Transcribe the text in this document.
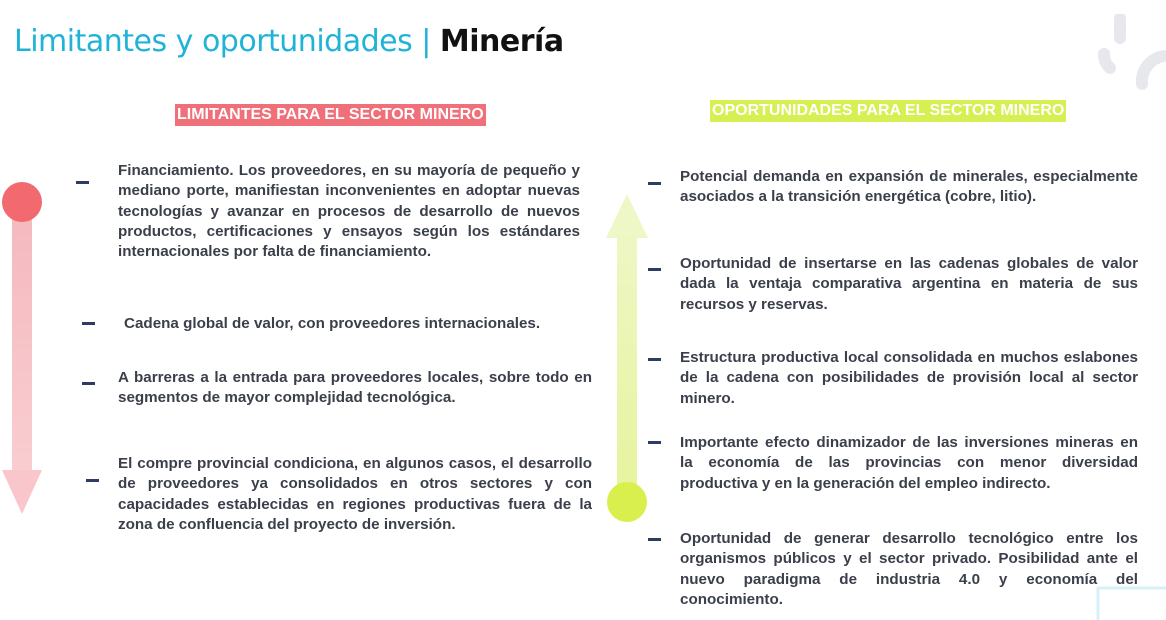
Limitantes y oportunidades | Minería
LIMITANTES PARA EL SECTOR MINERO	OPORTUNIDADES PARA EL SECTOR MINERO
Financiamiento. Los proveedores, en su mayoría de pequeño y mediano porte, manifiestan inconvenientes en adoptar nuevas tecnologías y avanzar en procesos de desarrollo de nuevos productos, certificaciones y ensayos según los estándares internacionales por falta de financiamiento.
Cadena global de valor, con proveedores internacionales.
A barreras a la entrada para proveedores locales, sobre todo en segmentos de mayor complejidad tecnológica.
El compre provincial condiciona, en algunos casos, el desarrollo de proveedores ya consolidados en otros sectores y con capacidades establecidas en regiones productivas fuera de la zona de confluencia del proyecto de inversión.
Potencial demanda en expansión de minerales, especialmente asociados a la transición energética (cobre, litio).
Oportunidad de insertarse en las cadenas globales de valor dada la ventaja comparativa argentina en materia de sus recursos y reservas.
Estructura productiva local consolidada en muchos eslabones de la cadena con posibilidades de provisión local al sector minero.
Importante efecto dinamizador de las inversiones mineras en la economía de las provincias con menor diversidad productiva y en la generación del empleo indirecto.
Oportunidad de generar desarrollo tecnológico entre los organismos públicos y el sector privado. Posibilidad ante el nuevo paradigma de industria 4.0 y economía del conocimiento.
